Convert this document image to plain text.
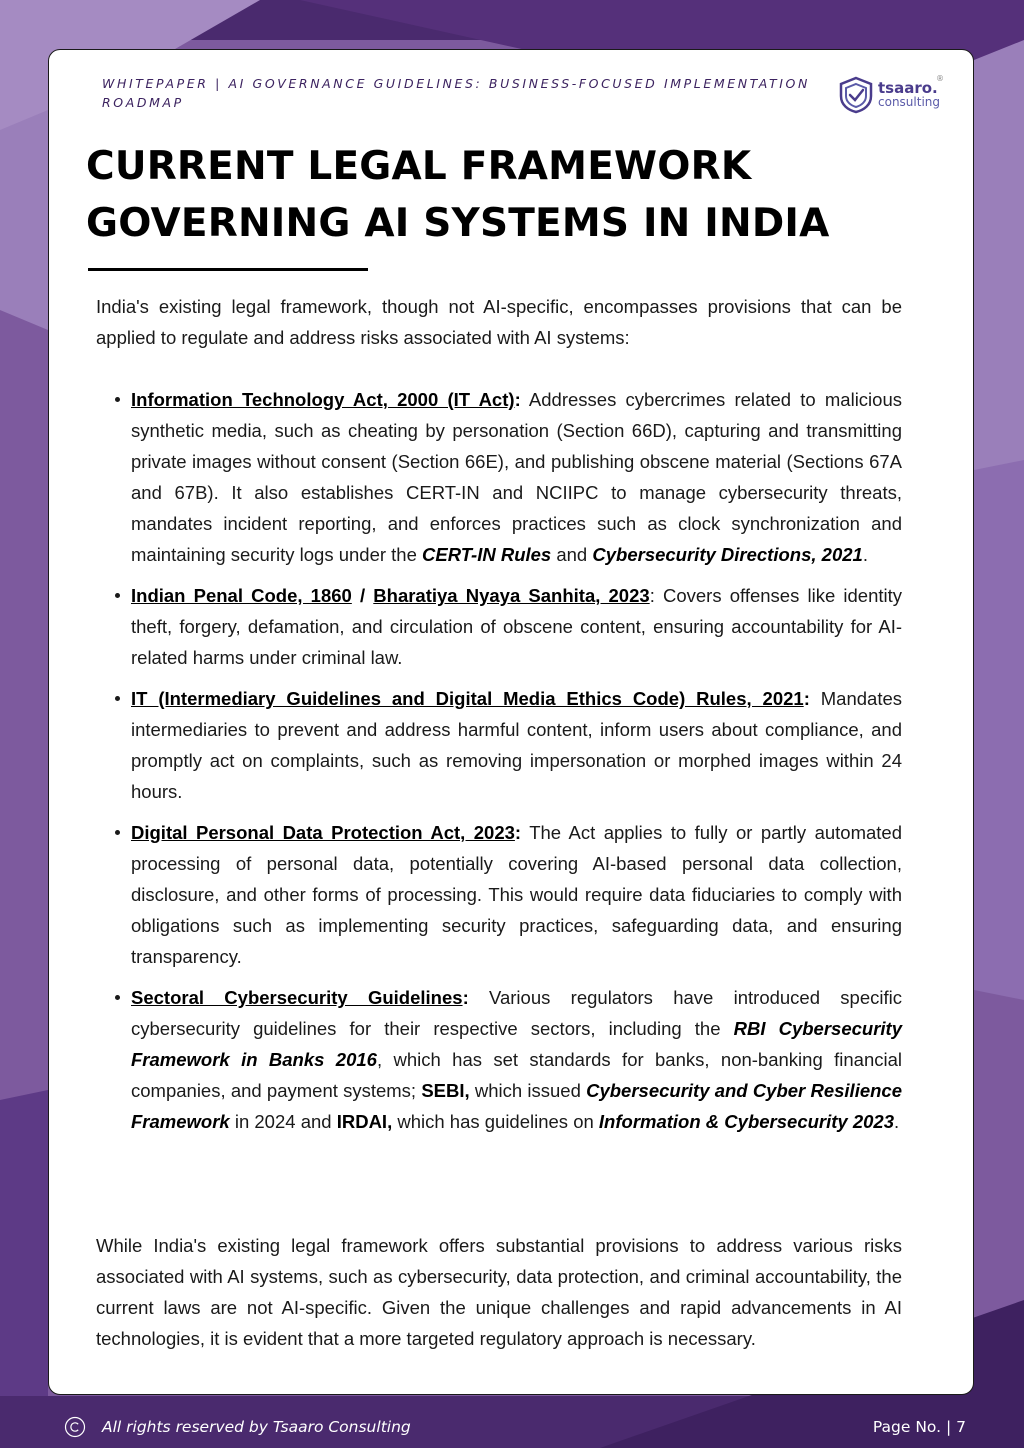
WHITEPAPER | AI GOVERNANCE GUIDELINES: BUSINESS-FOCUSED IMPLEMENTATION ROADMAP
tsaaro.
consulting
®
CURRENT LEGAL FRAMEWORK GOVERNING AI SYSTEMS IN INDIA

India's existing legal framework, though not AI-specific, encompasses provisions that can be applied to regulate and address risks associated with AI systems:

Information Technology Act, 2000 (IT Act): Addresses cybercrimes related to malicious synthetic media, such as cheating by personation (Section 66D), capturing and transmitting private images without consent (Section 66E), and publishing obscene material (Sections 67A and 67B). It also establishes CERT-IN and NCIIPC to manage cybersecurity threats, mandates incident reporting, and enforces practices such as clock synchronization and maintaining security logs under the CERT-IN Rules and Cybersecurity Directions, 2021.
Indian Penal Code, 1860 / Bharatiya Nyaya Sanhita, 2023: Covers offenses like identity theft, forgery, defamation, and circulation of obscene content, ensuring accountability for AI-related harms under criminal law.
IT (Intermediary Guidelines and Digital Media Ethics Code) Rules, 2021: Mandates intermediaries to prevent and address harmful content, inform users about compliance, and promptly act on complaints, such as removing impersonation or morphed images within 24 hours.
Digital Personal Data Protection Act, 2023: The Act applies to fully or partly automated processing of personal data, potentially covering AI-based personal data collection, disclosure, and other forms of processing. This would require data fiduciaries to comply with obligations such as implementing security practices, safeguarding data, and ensuring transparency.
Sectoral Cybersecurity Guidelines: Various regulators have introduced specific cybersecurity guidelines for their respective sectors, including the RBI Cybersecurity Framework in Banks 2016, which has set standards for banks, non-banking financial companies, and payment systems; SEBI, which issued Cybersecurity and Cyber Resilience Framework in 2024 and IRDAI, which has guidelines on Information & Cybersecurity 2023.

While India's existing legal framework offers substantial provisions to address various risks associated with AI systems, such as cybersecurity, data protection, and criminal accountability, the current laws are not AI-specific. Given the unique challenges and rapid advancements in AI technologies, it is evident that a more targeted regulatory approach is necessary.

All rights reserved by Tsaaro Consulting	Page No. | 7
